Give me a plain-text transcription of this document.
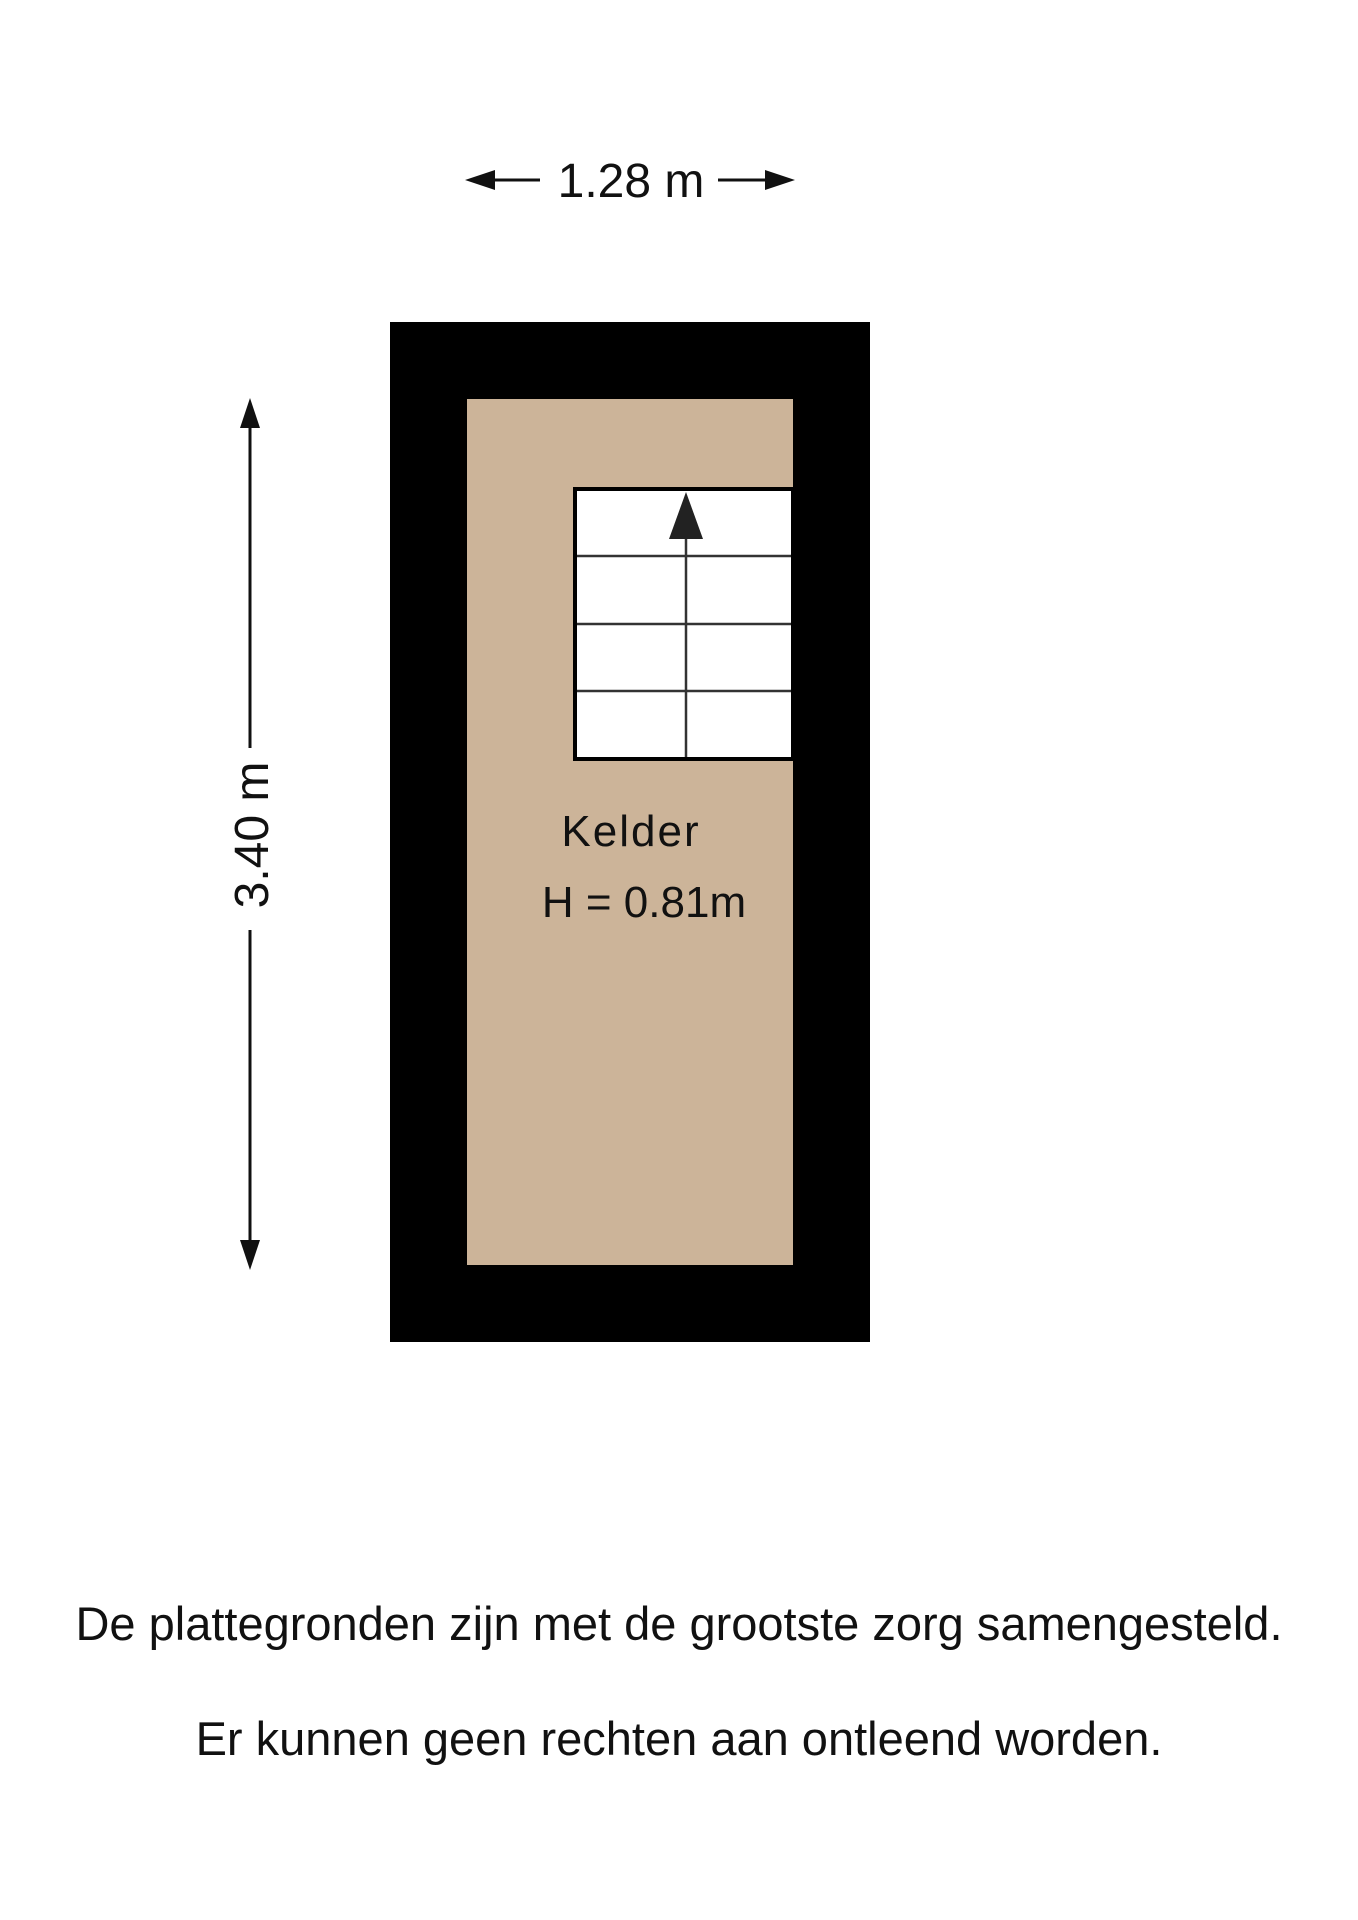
1.28 m
3.40 m	Kelder
H = 0.81m
De plattegronden zijn met de grootste zorg samengesteld.
Er kunnen geen rechten aan ontleend worden.
